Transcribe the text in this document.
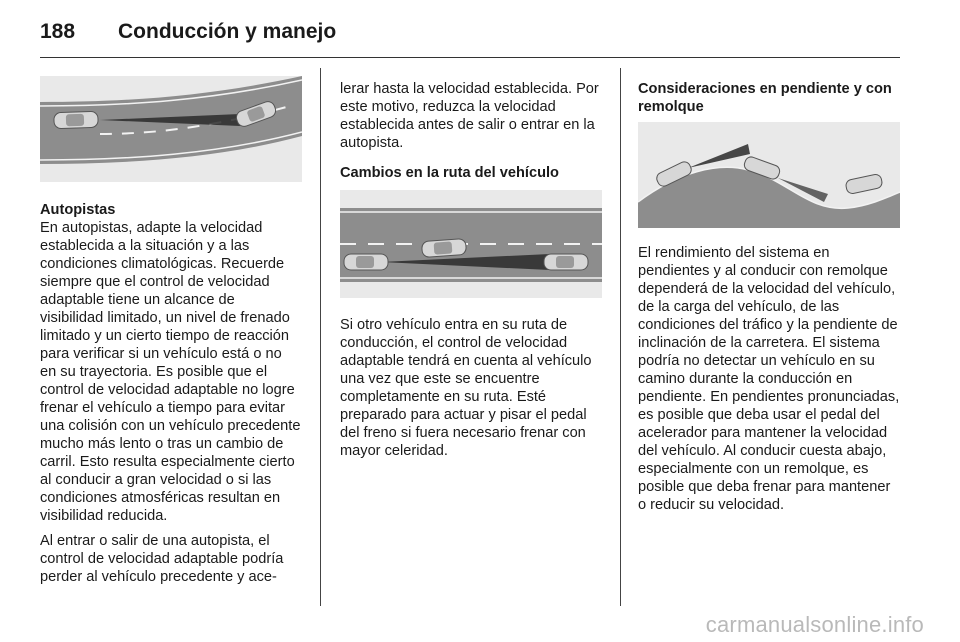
188 Conducción y manejo

Autopistas

En autopistas, adapte la velocidad establecida a la situación y a las condiciones climatológicas. Recuerde siempre que el control de velocidad adaptable tiene un alcance de visibilidad limitado, un nivel de frenado limitado y un cierto tiempo de reacción para verificar si un vehículo está o no en su trayectoria. Es posible que el control de velocidad adaptable no logre frenar el vehículo a tiempo para evitar una colisión con un vehículo precedente mucho más lento o tras un cambio de carril. Esto resulta especialmente cierto al conducir a gran velocidad o si las condiciones atmosféricas resultan en visibilidad reducida.

Al entrar o salir de una autopista, el control de velocidad adaptable podría perder al vehículo precedente y ace-

lerar hasta la velocidad establecida. Por este motivo, reduzca la velocidad establecida antes de salir o entrar en la autopista.

Cambios en la ruta del vehículo

Si otro vehículo entra en su ruta de conducción, el control de velocidad adaptable tendrá en cuenta al vehículo una vez que este se encuentre completamente en su ruta. Esté preparado para actuar y pisar el pedal del freno si fuera necesario frenar con mayor celeridad.

Consideraciones en pendiente y con remolque

El rendimiento del sistema en pendientes y al conducir con remolque dependerá de la velocidad del vehículo, de la carga del vehículo, de las condiciones del tráfico y la pendiente de inclinación de la carretera. El sistema podría no detectar un vehículo en su camino durante la conducción en pendiente. En pendientes pronunciadas, es posible que deba usar el pedal del acelerador para mantener la velocidad del vehículo. Al conducir cuesta abajo, especialmente con un remolque, es posible que deba frenar para mantener o reducir su velocidad.

carmanualsonline.info
